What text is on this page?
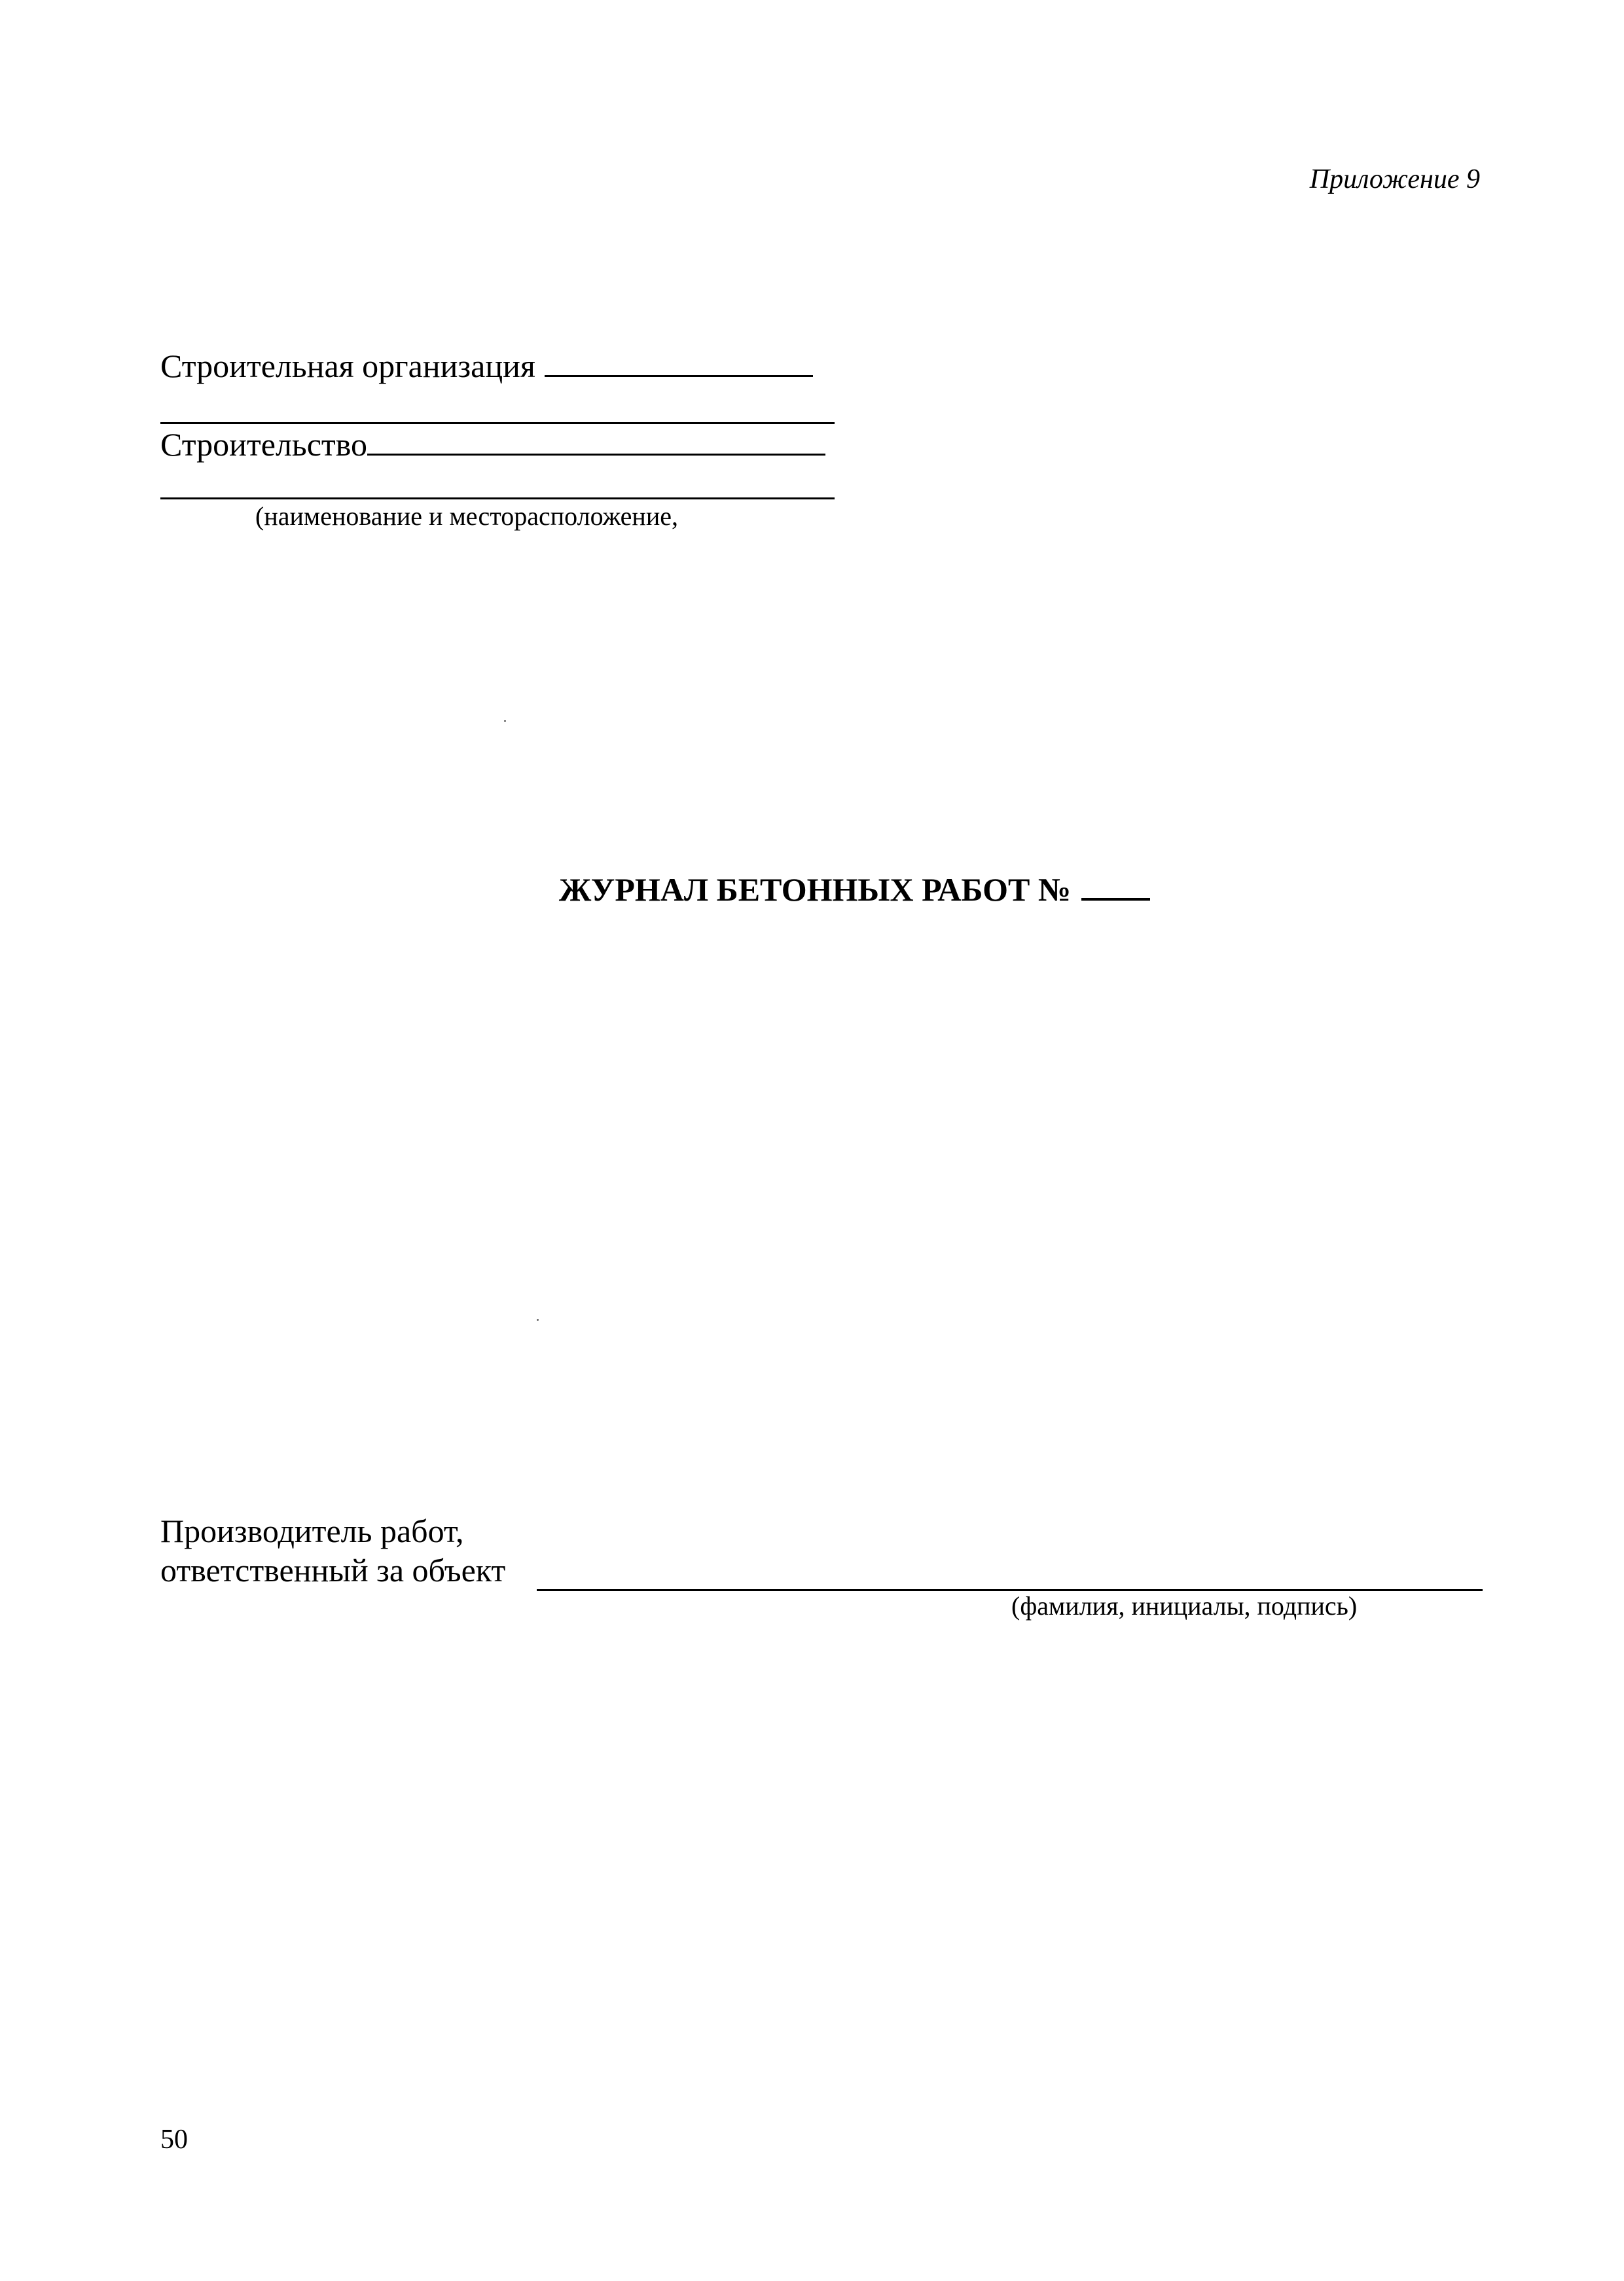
Приложение 9
Строительная организация
Строительство
(наименование и месторасположение,
ЖУРНАЛ БЕТОННЫХ РАБОТ №
Производитель работ,
ответственный за объект
(фамилия, инициалы, подпись)
50
